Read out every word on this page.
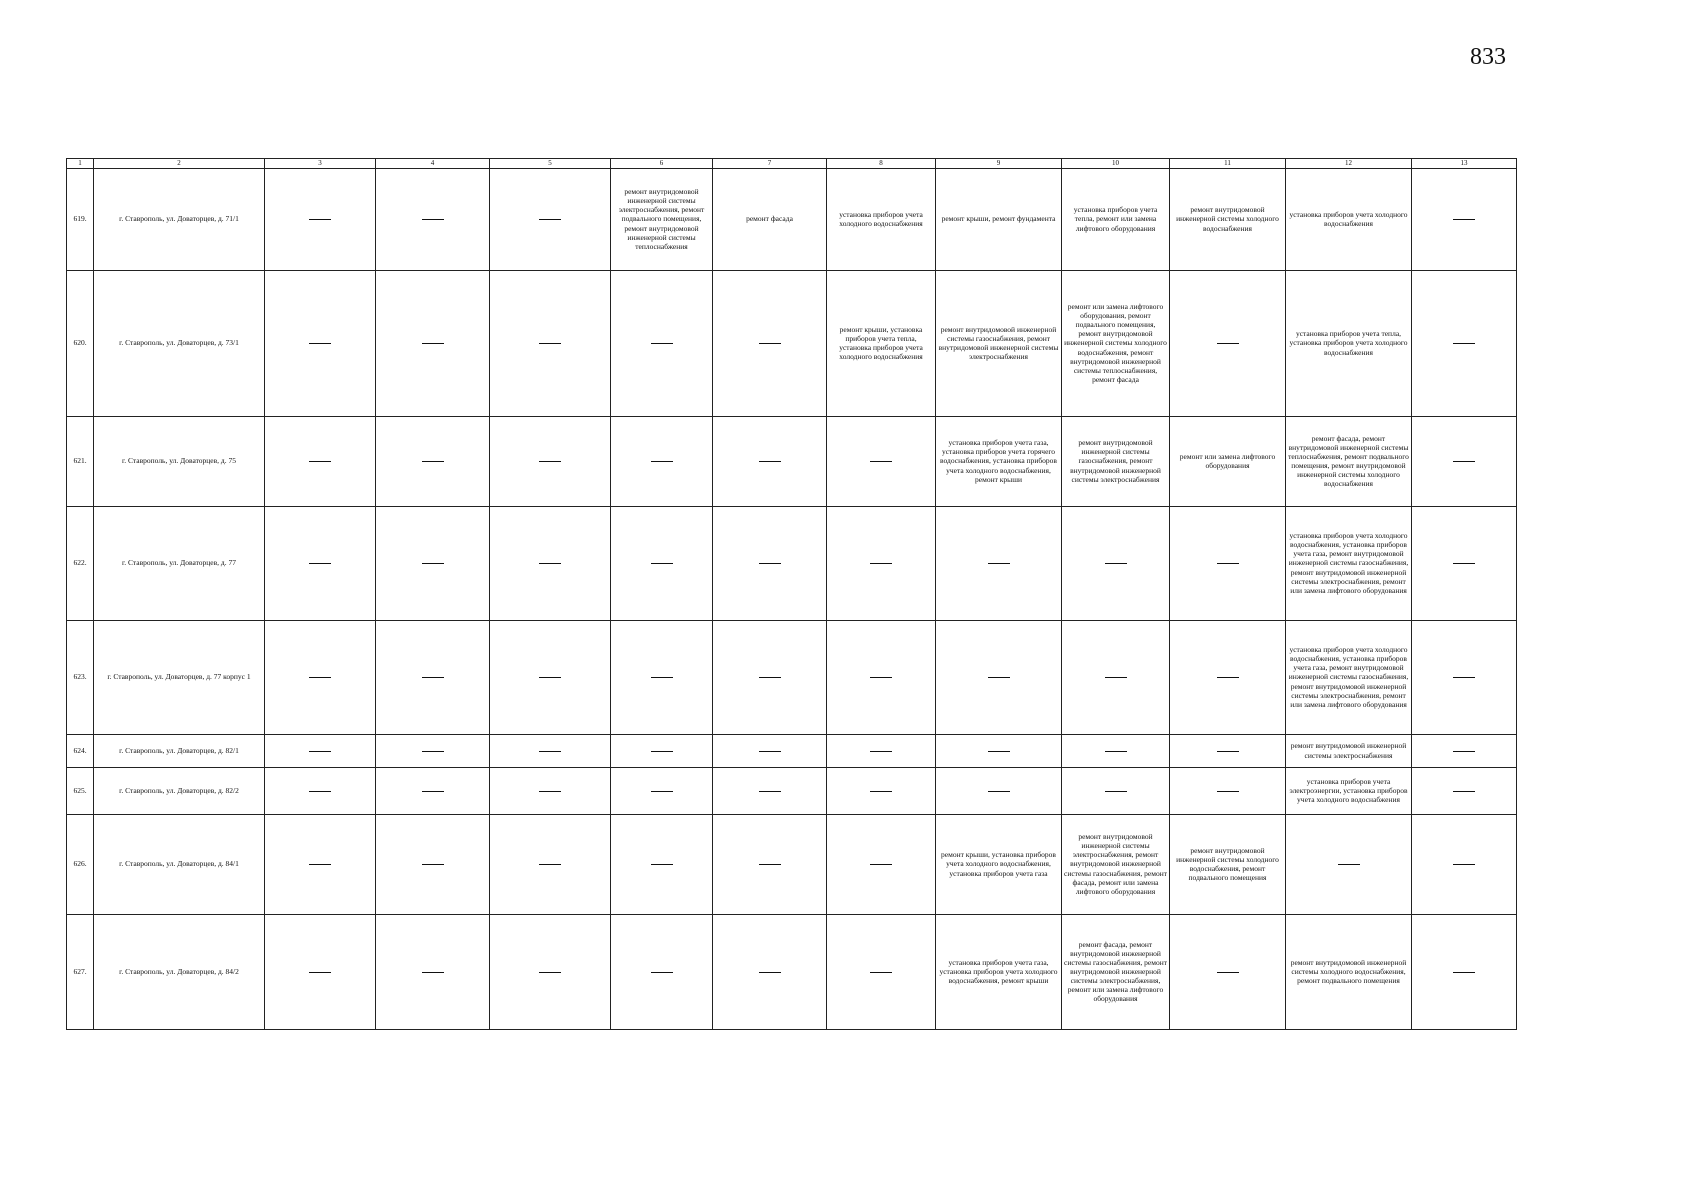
833
1	2	3	4	5	6	7	8	9	10	11	12	13
619.	г. Ставрополь, ул. Доваторцев, д. 71/1				ремонт внутридомовой инженерной системы электроснабжения, ремонт подвального помещения, ремонт внутридомовой инженерной системы теплоснабжения	ремонт фасада	установка приборов учета холодного водоснабжения	ремонт крыши, ремонт фундамента	установка приборов учета тепла, ремонт или замена лифтового оборудования	ремонт внутридомовой инженерной системы холодного водоснабжения	установка приборов учета холодного водоснабжения	
620.	г. Ставрополь, ул. Доваторцев, д. 73/1						ремонт крыши, установка приборов учета тепла, установка приборов учета холодного водоснабжения	ремонт внутридомовой инженерной системы газоснабжения, ремонт внутридомовой инженерной системы электроснабжения	ремонт или замена лифтового оборудования, ремонт подвального помещения, ремонт внутридомовой инженерной системы холодного водоснабжения, ремонт внутридомовой инженерной системы теплоснабжения, ремонт фасада		установка приборов учета тепла, установка приборов учета холодного водоснабжения	
621.	г. Ставрополь, ул. Доваторцев, д. 75							установка приборов учета газа, установка приборов учета горячего водоснабжения, установка приборов учета холодного водоснабжения, ремонт крыши	ремонт внутридомовой инженерной системы газоснабжения, ремонт внутридомовой инженерной системы электроснабжения	ремонт или замена лифтового оборудования	ремонт фасада, ремонт внутридомовой инженерной системы теплоснабжения, ремонт подвального помещения, ремонт внутридомовой инженерной системы холодного водоснабжения	
622.	г. Ставрополь, ул. Доваторцев, д. 77										установка приборов учета холодного водоснабжения, установка приборов учета газа, ремонт внутридомовой инженерной системы газоснабжения, ремонт внутридомовой инженерной системы электроснабжения, ремонт или замена лифтового оборудования	
623.	г. Ставрополь, ул. Доваторцев, д. 77 корпус 1										установка приборов учета холодного водоснабжения, установка приборов учета газа, ремонт внутридомовой инженерной системы газоснабжения, ремонт внутридомовой инженерной системы электроснабжения, ремонт или замена лифтового оборудования	
624.	г. Ставрополь, ул. Доваторцев, д. 82/1										ремонт внутридомовой инженерной системы электроснабжения	
625.	г. Ставрополь, ул. Доваторцев, д. 82/2										установка приборов учета электроэнергии, установка приборов учета холодного водоснабжения	
626.	г. Ставрополь, ул. Доваторцев, д. 84/1							ремонт крыши, установка приборов учета холодного водоснабжения, установка приборов учета газа	ремонт внутридомовой инженерной системы электроснабжения, ремонт внутридомовой инженерной системы газоснабжения, ремонт фасада, ремонт или замена лифтового оборудования	ремонт внутридомовой инженерной системы холодного водоснабжения, ремонт подвального помещения		
627.	г. Ставрополь, ул. Доваторцев, д. 84/2							установка приборов учета газа, установка приборов учета холодного водоснабжения, ремонт крыши	ремонт фасада, ремонт внутридомовой инженерной системы газоснабжения, ремонт внутридомовой инженерной системы электроснабжения, ремонт или замена лифтового оборудования		ремонт внутридомовой инженерной системы холодного водоснабжения, ремонт подвального помещения	
